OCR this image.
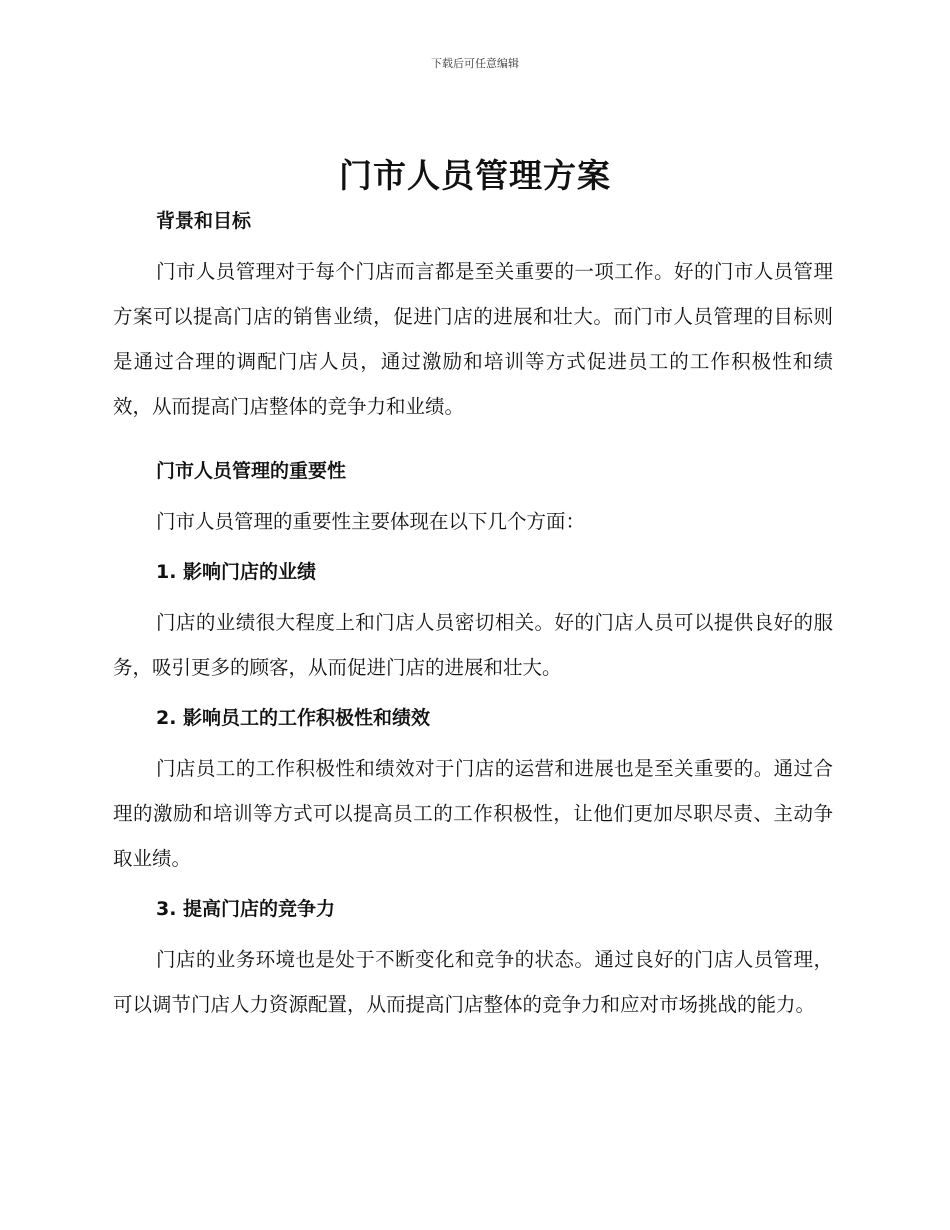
下载后可任意编辑
门市人员管理方案

背景和目标

门市人员管理对于每个门店而言都是至关重要的一项工作。好的门市人员管理方案可以提高门店的销售业绩，促进门店的进展和壮大。而门市人员管理的目标则是通过合理的调配门店人员，通过激励和培训等方式促进员工的工作积极性和绩效，从而提高门店整体的竞争力和业绩。

门市人员管理的重要性

门市人员管理的重要性主要体现在以下几个方面：

1. 影响门店的业绩

门店的业绩很大程度上和门店人员密切相关。好的门店人员可以提供良好的服务，吸引更多的顾客，从而促进门店的进展和壮大。

2. 影响员工的工作积极性和绩效

门店员工的工作积极性和绩效对于门店的运营和进展也是至关重要的。通过合理的激励和培训等方式可以提高员工的工作积极性，让他们更加尽职尽责、主动争取业绩。

3. 提高门店的竞争力

门店的业务环境也是处于不断变化和竞争的状态。通过良好的门店人员管理，可以调节门店人力资源配置，从而提高门店整体的竞争力和应对市场挑战的能力。
